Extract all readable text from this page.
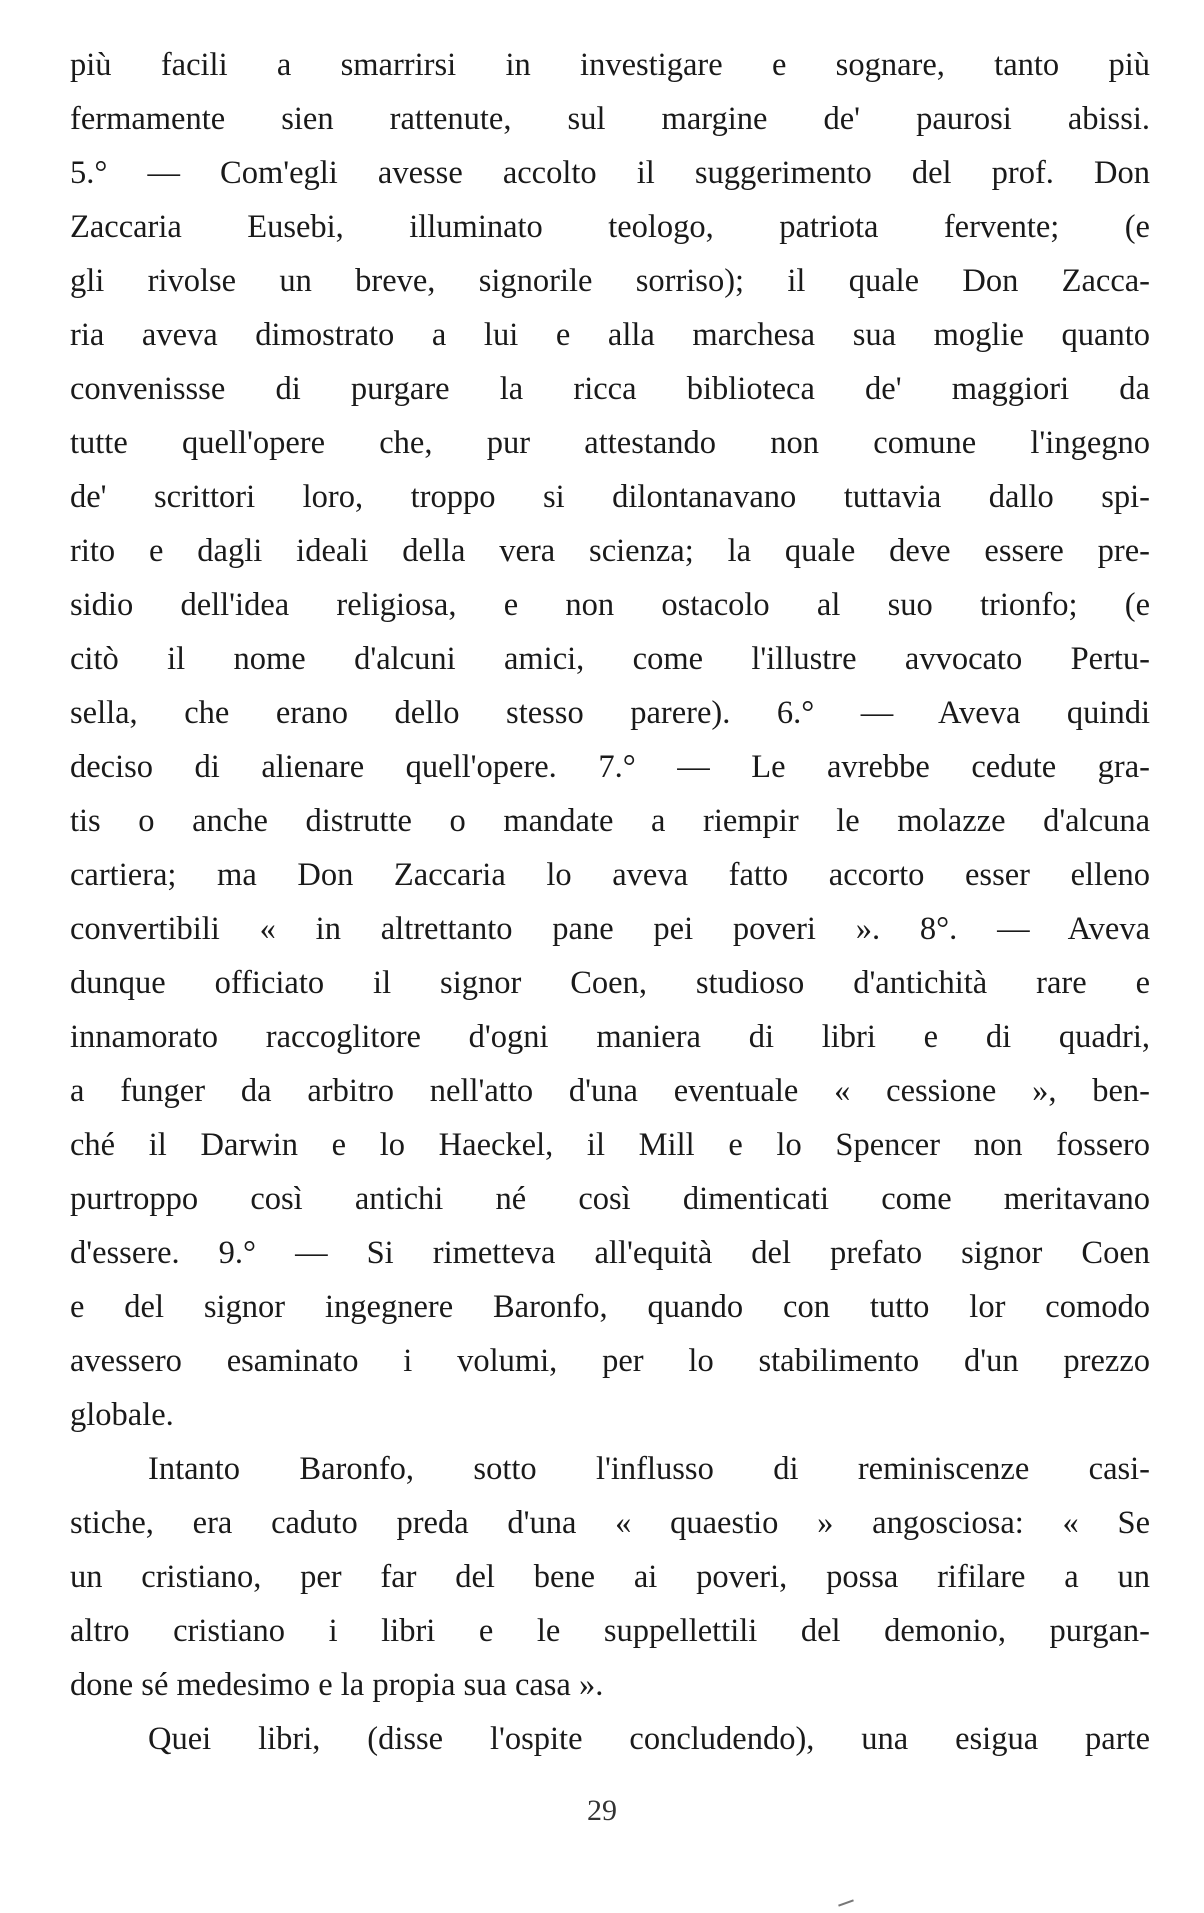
più facili a smarrirsi in investigare e sognare, tanto più
fermamente sien rattenute, sul margine de' paurosi abissi.
5.° — Com'egli avesse accolto il suggerimento del prof. Don
Zaccaria Eusebi, illuminato teologo, patriota fervente; (e
gli rivolse un breve, signorile sorriso); il quale Don Zacca-
ria aveva dimostrato a lui e alla marchesa sua moglie quanto
convenissse di purgare la ricca biblioteca de' maggiori da
tutte quell'opere che, pur attestando non comune l'ingegno
de' scrittori loro, troppo si dilontanavano tuttavia dallo spi-
rito e dagli ideali della vera scienza; la quale deve essere pre-
sidio dell'idea religiosa, e non ostacolo al suo trionfo; (e
citò il nome d'alcuni amici, come l'illustre avvocato Pertu-
sella, che erano dello stesso parere). 6.° — Aveva quindi
deciso di alienare quell'opere. 7.° — Le avrebbe cedute gra-
tis o anche distrutte o mandate a riempir le molazze d'alcuna
cartiera; ma Don Zaccaria lo aveva fatto accorto esser elleno
convertibili « in altrettanto pane pei poveri ». 8°. — Aveva
dunque officiato il signor Coen, studioso d'antichità rare e
innamorato raccoglitore d'ogni maniera di libri e di quadri,
a funger da arbitro nell'atto d'una eventuale « cessione », ben-
ché il Darwin e lo Haeckel, il Mill e lo Spencer non fossero
purtroppo così antichi né così dimenticati come meritavano
d'essere. 9.° — Si rimetteva all'equità del prefato signor Coen
e del signor ingegnere Baronfo, quando con tutto lor comodo
avessero esaminato i volumi, per lo stabilimento d'un prezzo
globale.
Intanto Baronfo, sotto l'influsso di reminiscenze casi-
stiche, era caduto preda d'una « quaestio » angosciosa: « Se
un cristiano, per far del bene ai poveri, possa rifilare a un
altro cristiano i libri e le suppellettili del demonio, purgan-
done sé medesimo e la propia sua casa ».
Quei libri, (disse l'ospite concludendo), una esigua parte
29
